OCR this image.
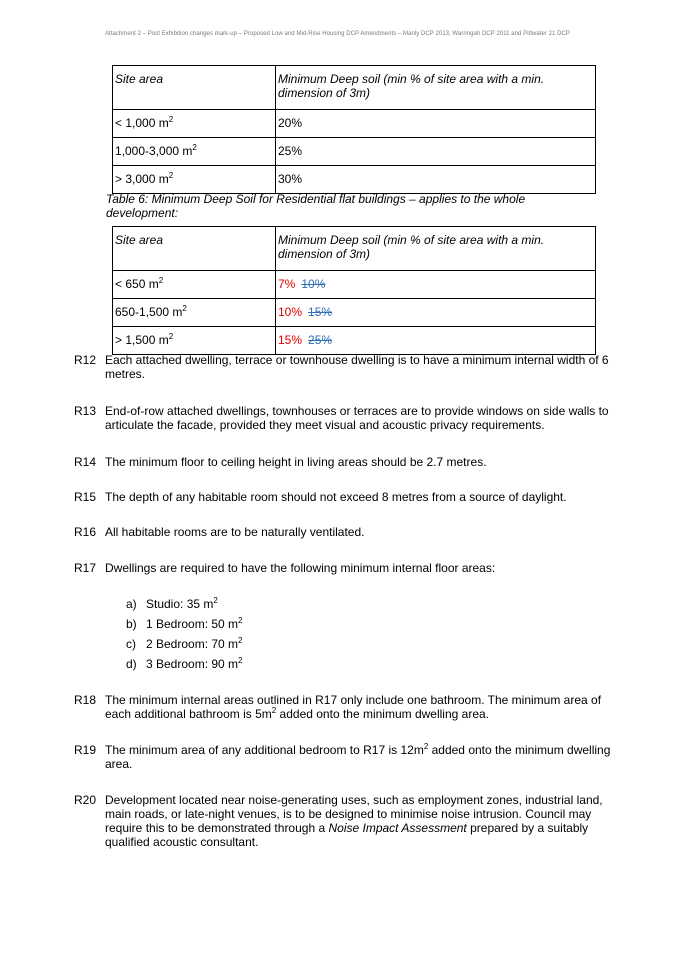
Attachment 2 – Post Exhibition changes mark-up – Proposed Low and Mid-Rise Housing DCP Amendments – Manly DCP 2013, Warringah DCP 2011 and Pittwater 21 DCP
Site area	Minimum Deep soil (min % of site area with a min. dimension of 3m)
< 1,000 $m^2$	20%
1,000-3,000 $m^2$	25%
> 3,000 $m^2$	30%
Table 6: Minimum Deep Soil for Residential flat buildings – applies to the whole development:
Site area	Minimum Deep soil (min % of site area with a min. dimension of 3m)
< 650 $m^2$	7% 10%
650-1,500 $m^2$	10% 15%
> 1,500 $m^2$	15% 25%
R12 Each attached dwelling, terrace or townhouse dwelling is to have a minimum internal width of 6 metres.
R13 End-of-row attached dwellings, townhouses or terraces are to provide windows on side walls to articulate the facade, provided they meet visual and acoustic privacy requirements.
R14 The minimum floor to ceiling height in living areas should be 2.7 metres.
R15 The depth of any habitable room should not exceed 8 metres from a source of daylight.
R16 All habitable rooms are to be naturally ventilated.
R17 Dwellings are required to have the following minimum internal floor areas:
a) Studio: 35 $m^2$
b) 1 Bedroom: 50 $m^2$
c) 2 Bedroom: 70 $m^2$
d) 3 Bedroom: 90 $m^2$
R18 The minimum internal areas outlined in R17 only include one bathroom. The minimum area of each additional bathroom is $5m^2$ added onto the minimum dwelling area.
R19 The minimum area of any additional bedroom to R17 is $12m^2$ added onto the minimum dwelling area.
R20 Development located near noise-generating uses, such as employment zones, industrial land, main roads, or late-night venues, is to be designed to minimise noise intrusion. Council may require this to be demonstrated through a Noise Impact Assessment prepared by a suitably qualified acoustic consultant.
